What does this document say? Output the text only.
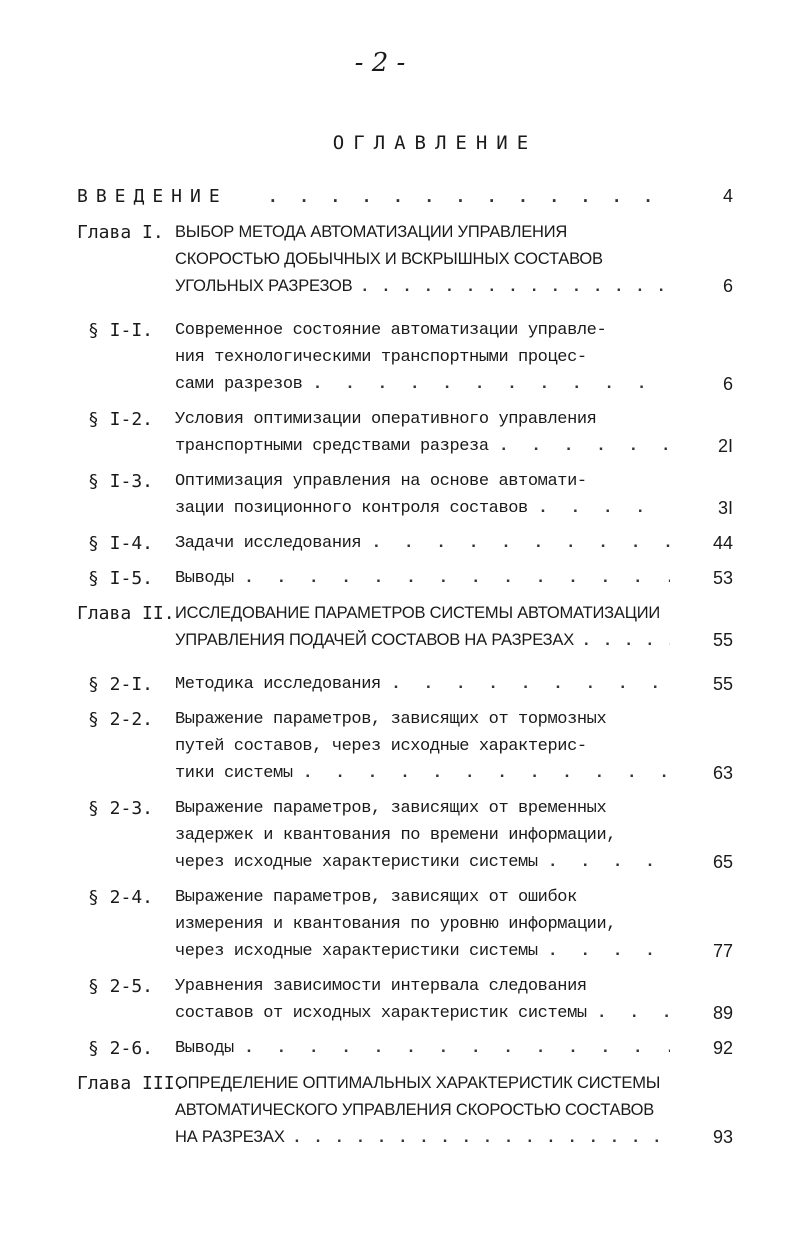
- 2 -
ОГЛАВЛЕНИЕ
ВВЕДЕНИЕ . . .	4
Глава I. ВЫБОР МЕТОДА АВТОМАТИЗАЦИИ УПРАВЛЕНИЯ
СКОРОСТЬЮ ДОБЫЧНЫХ И ВСКРЫШНЫХ СОСТАВОВ
УГОЛЬНЫХ РАЗРЕЗОВ . . .	6
§ I-I. Современное состояние автоматизации управле-
ния технологическими транспортными процес-
сами разрезов . . .	6
§ I-2. Условия оптимизации оперативного управления
транспортными средствами разреза . . .	2I
§ I-3. Оптимизация управления на основе автомати-
зации позиционного контроля составов . . .	3I
§ I-4. Задачи исследования . . .	44
§ I-5. Выводы . . .	53
Глава II. ИССЛЕДОВАНИЕ ПАРАМЕТРОВ СИСТЕМЫ АВТОМАТИЗАЦИИ
УПРАВЛЕНИЯ ПОДАЧЕЙ СОСТАВОВ НА РАЗРЕЗАХ . . .	55
§ 2-I. Методика исследования . . .	55
§ 2-2. Выражение параметров, зависящих от тормозных
путей составов, через исходные характерис-
тики системы . . .	63
§ 2-3. Выражение параметров, зависящих от временных
задержек и квантования по времени информации,
через исходные характеристики системы . . .	65
§ 2-4. Выражение параметров, зависящих от ошибок
измерения и квантования по уровню информации,
через исходные характеристики системы . . .	77
§ 2-5. Уравнения зависимости интервала следования
составов от исходных характеристик системы . . .	89
§ 2-6. Выводы . . .	92
Глава III.
ОПРЕДЕЛЕНИЕ ОПТИМАЛЬНЫХ ХАРАКТЕРИСТИК СИСТЕМЫ
АВТОМАТИЧЕСКОГО УПРАВЛЕНИЯ СКОРОСТЬЮ СОСТАВОВ
НА РАЗРЕЗАХ . . .	93
